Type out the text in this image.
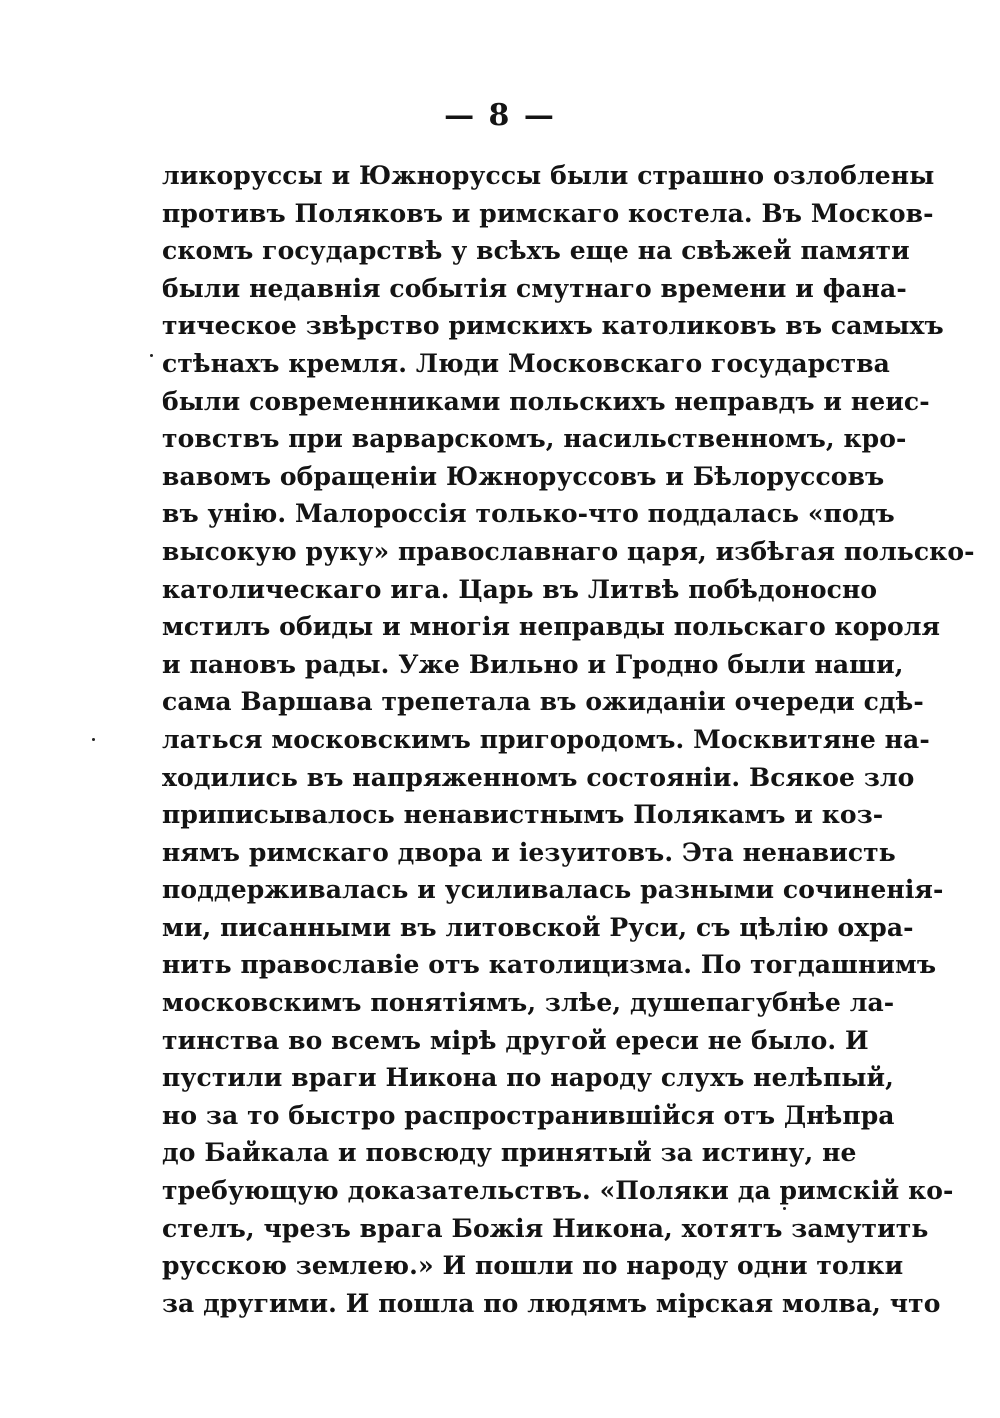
— 8 —
ликоруссы и Южноруссы были страшно озлоблены
противъ Поляковъ и римскаго костела. Въ Москов-
скомъ государствѣ у всѣхъ еще на свѣжей памяти
были недавнія событія смутнаго времени и фана-
тическое звѣрство римскихъ католиковъ въ самыхъ
стѣнахъ кремля. Люди Московскаго государства
были современниками польскихъ неправдъ и неис-
товствъ при варварскомъ, насильственномъ, кро-
вавомъ обращеніи Южноруссовъ и Бѣлоруссовъ
въ унію. Малороссія только-что поддалась «подъ
высокую руку» православнаго царя, избѣгая польско-
католическаго ига. Царь въ Литвѣ побѣдоносно
мстилъ обиды и многія неправды польскаго короля
и пановъ рады. Уже Вильно и Гродно были наши,
сама Варшава трепетала въ ожиданіи очереди сдѣ-
латься московскимъ пригородомъ. Москвитяне на-
ходились въ напряженномъ состояніи. Всякое зло
приписывалось ненавистнымъ Полякамъ и коз-
нямъ римскаго двора и іезуитовъ. Эта ненависть
поддерживалась и усиливалась разными сочиненія-
ми, писанными въ литовской Руси, съ цѣлію охра-
нить православіе отъ католицизма. По тогдашнимъ
московскимъ понятіямъ, злѣе, душепагубнѣе ла-
тинства во всемъ мірѣ другой ереси не было. И
пустили враги Никона по народу слухъ нелѣпый,
но за то быстро распространившійся отъ Днѣпра
до Байкала и повсюду принятый за истину, не
требующую доказательствъ. «Поляки да римскій ко-
стелъ, чрезъ врага Божія Никона, хотятъ замутить
русскою землею.» И пошли по народу одни толки
за другими. И пошла по людямъ мірская молва, что
